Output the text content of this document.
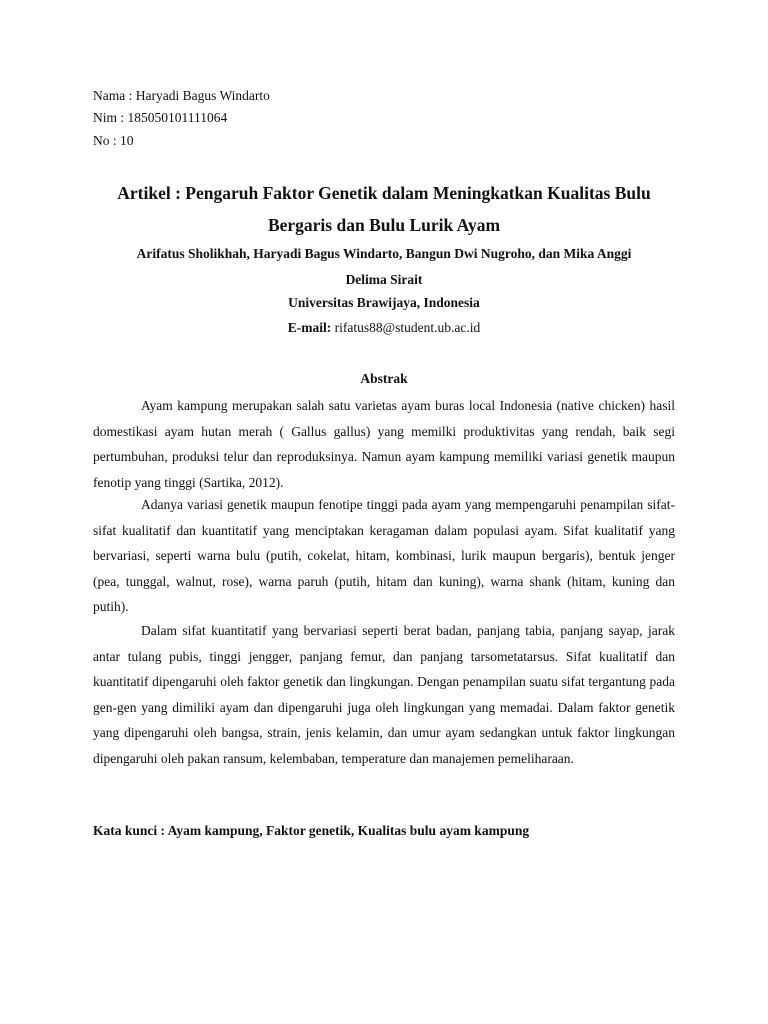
Nama : Haryadi Bagus Windarto
Nim : 185050101111064
No : 10
Artikel : Pengaruh Faktor Genetik dalam Meningkatkan Kualitas Bulu
Bergaris dan Bulu Lurik Ayam
Arifatus Sholikhah, Haryadi Bagus Windarto, Bangun Dwi Nugroho, dan Mika Anggi
Delima Sirait
Universitas Brawijaya, Indonesia
E-mail: rifatus88@student.ub.ac.id
Abstrak

Ayam kampung merupakan salah satu varietas ayam buras local Indonesia (native chicken) hasil domestikasi ayam hutan merah ( Gallus gallus) yang memilki produktivitas yang rendah, baik segi pertumbuhan, produksi telur dan reproduksinya. Namun ayam kampung memiliki variasi genetik maupun fenotip yang tinggi (Sartika, 2012).

Adanya variasi genetik maupun fenotipe tinggi pada ayam yang mempengaruhi penampilan sifat-sifat kualitatif dan kuantitatif yang menciptakan keragaman dalam populasi ayam. Sifat kualitatif yang bervariasi, seperti warna bulu (putih, cokelat, hitam, kombinasi, lurik maupun bergaris), bentuk jenger (pea, tunggal, walnut, rose), warna paruh (putih, hitam dan kuning), warna shank (hitam, kuning dan putih).

Dalam sifat kuantitatif yang bervariasi seperti berat badan, panjang tabia, panjang sayap, jarak antar tulang pubis, tinggi jengger, panjang femur, dan panjang tarsometatarsus. Sifat kualitatif dan kuantitatif dipengaruhi oleh faktor genetik dan lingkungan. Dengan penampilan suatu sifat tergantung pada gen-gen yang dimiliki ayam dan dipengaruhi juga oleh lingkungan yang memadai. Dalam faktor genetik yang dipengaruhi oleh bangsa, strain, jenis kelamin, dan umur ayam sedangkan untuk faktor lingkungan dipengaruhi oleh pakan ransum, kelembaban, temperature dan manajemen pemeliharaan.

Kata kunci : Ayam kampung, Faktor genetik, Kualitas bulu ayam kampung
